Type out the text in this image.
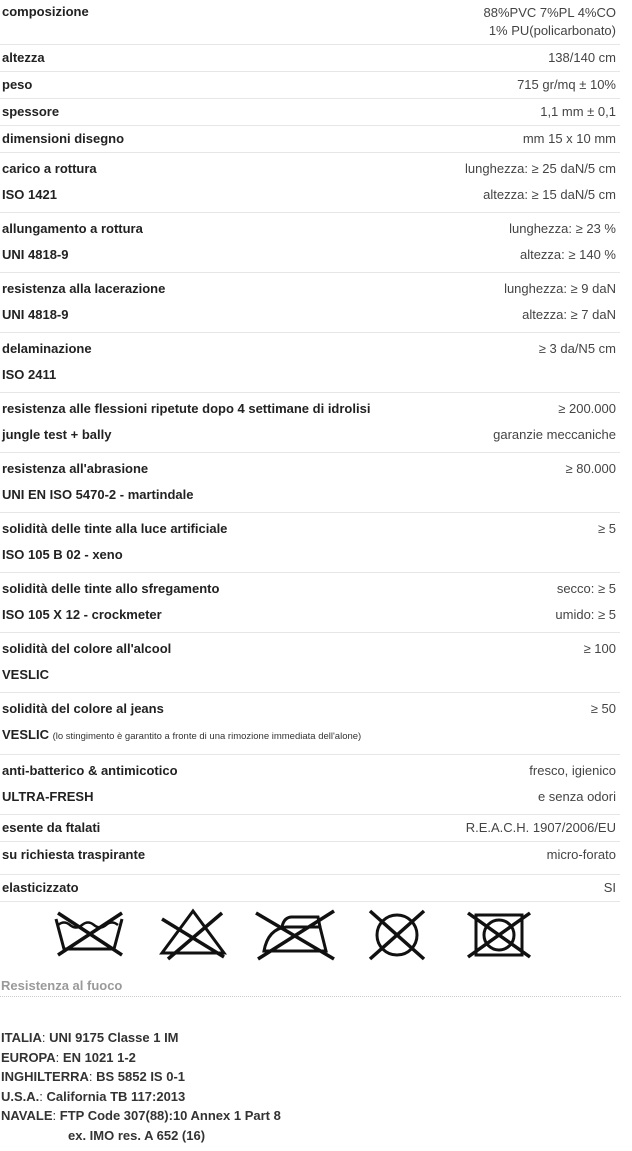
composizione	88%PVC 7%PL 4%CO
1% PU(policarbonato)
altezza	138/140 cm
peso	715 gr/mq ± 10%
spessore	1,1 mm ± 0,1
dimensioni disegno	mm 15 x 10 mm
carico a rottura	lunghezza: ≥ 25 daN/5 cm
ISO 1421	altezza: ≥ 15 daN/5 cm
allungamento a rottura	lunghezza: ≥ 23 %
UNI 4818-9	altezza: ≥ 140 %
resistenza alla lacerazione	lunghezza: ≥ 9 daN
UNI 4818-9	altezza: ≥ 7 daN
delaminazione	≥ 3 da/N5 cm
ISO 2411
resistenza alle flessioni ripetute dopo 4 settimane di idrolisi	≥ 200.000
jungle test + bally	garanzie meccaniche
resistenza all'abrasione	≥ 80.000
UNI EN ISO 5470-2 - martindale
solidità delle tinte alla luce artificiale	≥ 5
ISO 105 B 02 - xeno
solidità delle tinte allo sfregamento	secco: ≥ 5
ISO 105 X 12 - crockmeter	umido: ≥ 5
solidità del colore all'alcool	≥ 100
VESLIC
solidità del colore al jeans	≥ 50
VESLIC (lo stingimento è garantito a fronte di una rimozione immediata dell'alone)
anti-batterico & antimicotico	fresco, igienico
ULTRA-FRESH	e senza odori
esente da ftalati	R.E.A.C.H. 1907/2006/EU
su richiesta traspirante	micro-forato
elasticizzato	SI
Resistenza al fuoco
ITALIA: UNI 9175 Classe 1 IM
EUROPA: EN 1021 1-2
INGHILTERRA: BS 5852 IS 0-1
U.S.A.: California TB 117:2013
NAVALE: FTP Code 307(88):10 Annex 1 Part 8
ex. IMO res. A 652 (16)
